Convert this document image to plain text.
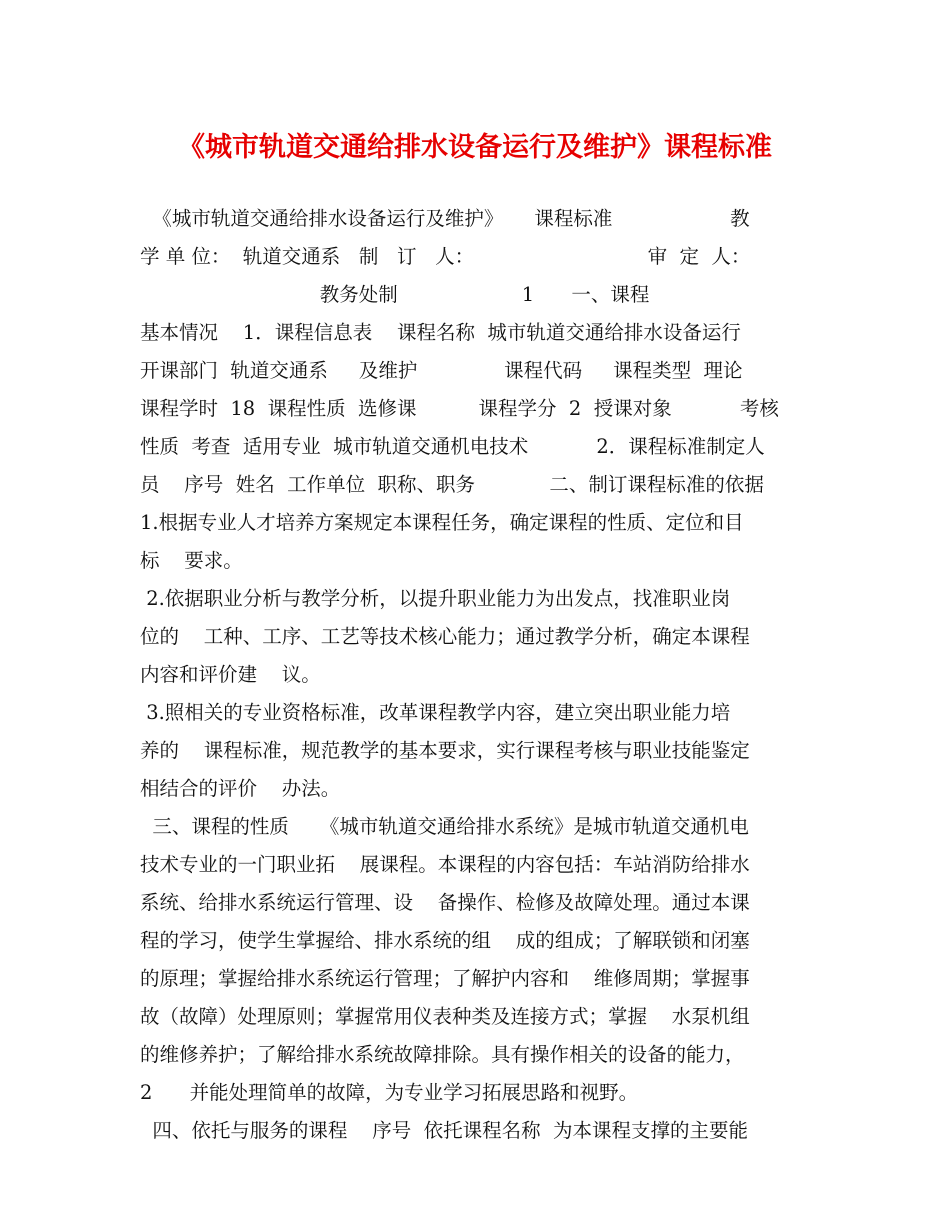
《城市轨道交通给排水设备运行及维护》课程标准
《城市轨道交通给排水设备运行及维护》     课程标准                   教
学 单 位：  轨道交通系   制   订   人：                            审  定  人：
教务处制                    1      一、课程
基本情况    1．课程信息表    课程名称  城市轨道交通给排水设备运行
开课部门  轨道交通系     及维护              课程代码     课程类型  理论
课程学时  18  课程性质  选修课          课程学分  2  授课对象           考核
性质  考查  适用专业  城市轨道交通机电技术           2．课程标准制定人
员    序号  姓名  工作单位  职称、职务            二、制订课程标准的依据
1.根据专业人才培养方案规定本课程任务，确定课程的性质、定位和目
标    要求。
2.依据职业分析与教学分析，以提升职业能力为出发点，找准职业岗
位的    工种、工序、工艺等技术核心能力；通过教学分析，确定本课程
内容和评价建    议。
3.照相关的专业资格标准，改革课程教学内容，建立突出职业能力培
养的    课程标准，规范教学的基本要求，实行课程考核与职业技能鉴定
相结合的评价    办法。
三、课程的性质     《城市轨道交通给排水系统》是城市轨道交通机电
技术专业的一门职业拓    展课程。本课程的内容包括：车站消防给排水
系统、给排水系统运行管理、设    备操作、检修及故障处理。通过本课
程的学习，使学生掌握给、排水系统的组    成的组成；了解联锁和闭塞
的原理；掌握给排水系统运行管理；了解护内容和    维修周期；掌握事
故（故障）处理原则；掌握常用仪表种类及连接方式；掌握    水泵机组
的维修养护；了解给排水系统故障排除。具有操作相关的设备的能力，
2      并能处理简单的故障，为专业学习拓展思路和视野。
四、依托与服务的课程    序号  依托课程名称  为本课程支撑的主要能
